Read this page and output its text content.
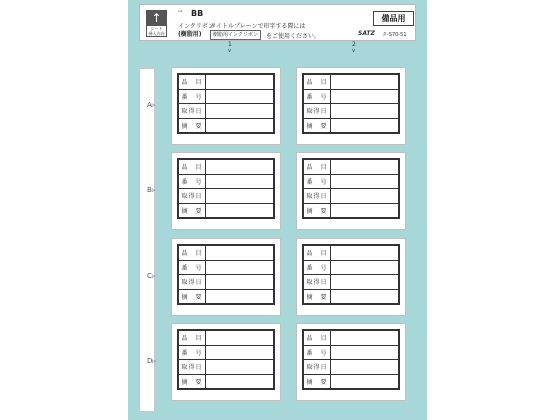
↑
シート
挿入方向
ⁱⁿᵏ BB
インクリボン
(樹脂用)
タイトルプレーンで印字する際には
樹脂用インクリボン	をご使用ください。
備品用
SATZ タ-S70-51
1	2
v	v
A▹
B▹
C▹
D▹
品　目	
番　号	
取得日	
摘　要	
品　目	
番　号	
取得日	
摘　要	
品　目	
番　号	
取得日	
摘　要	
品　目	
番　号	
取得日	
摘　要	
品　目	
番　号	
取得日	
摘　要	
品　目	
番　号	
取得日	
摘　要	
品　目	
番　号	
取得日	
摘　要	
品　目	
番　号	
取得日	
摘　要	
